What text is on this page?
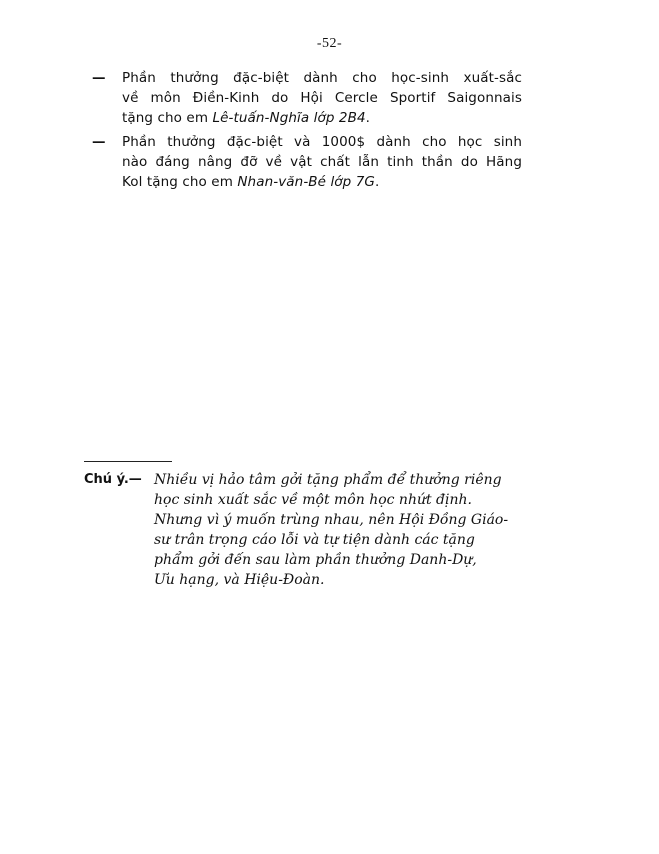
-52-
— Phần thưởng đặc-biệt dành cho học-sinh xuất-sắc
về môn Điền-Kinh do Hội Cercle Sportif Saigonnais
tặng cho em Lê-tuấn-Nghĩa lớp 2B4.
— Phần thưởng đặc-biệt và 1000$ dành cho học sinh
nào đáng nâng đỡ về vật chất lẫn tinh thần do Hãng
Kol tặng cho em Nhan-văn-Bé lớp 7G.
Chú ý.— Nhiều vị hảo tâm gởi tặng phẩm để thưởng riêng
học sinh xuất sắc về một môn học nhứt định.
Nhưng vì ý muốn trùng nhau, nên Hội Đồng Giáo-
sư trân trọng cáo lỗi và tự tiện dành các tặng
phẩm gởi đến sau làm phần thưởng Danh-Dự,
Ưu hạng, và Hiệu-Đoàn.
